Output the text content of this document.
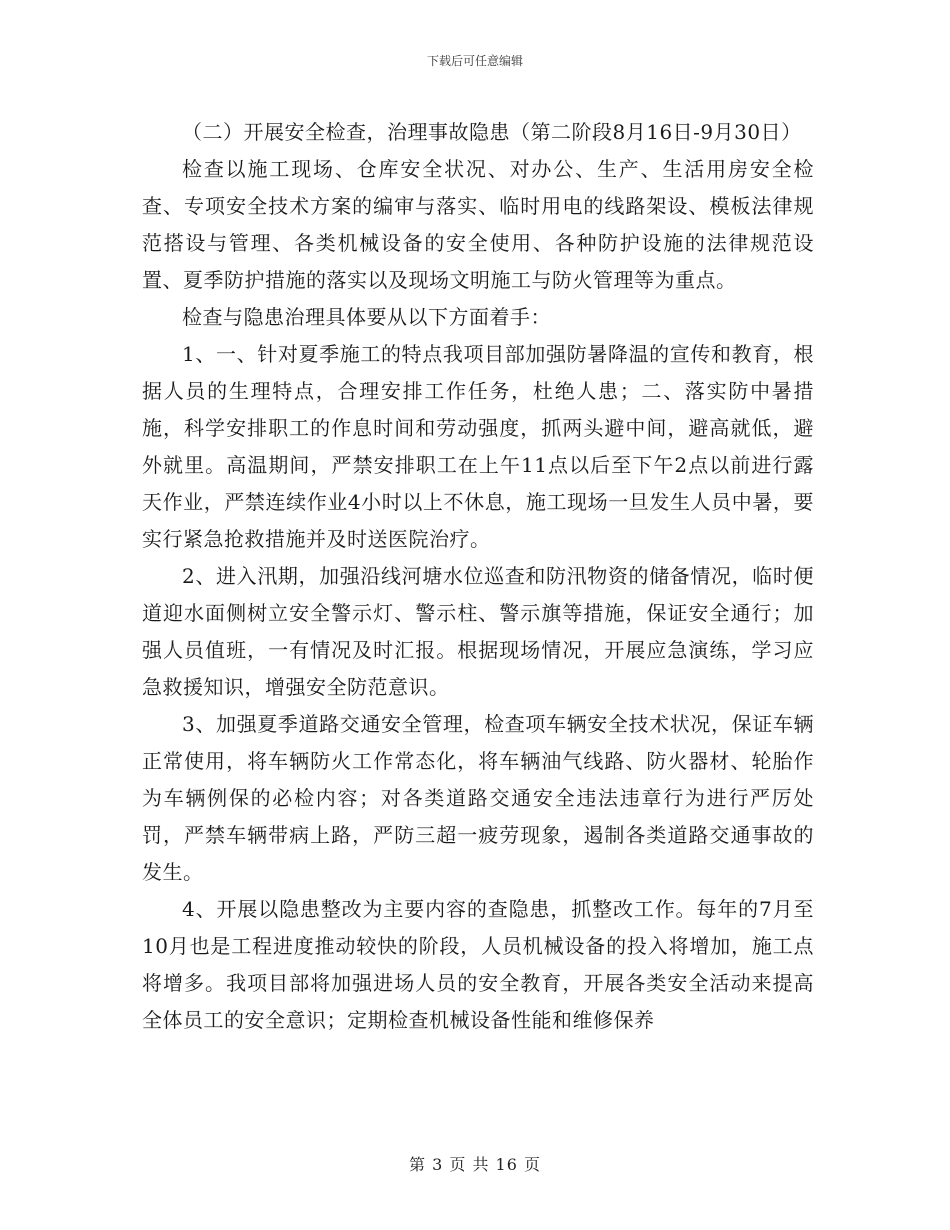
下载后可任意编辑

（二）开展安全检查，治理事故隐患（第二阶段8月16日-9月30日）

检查以施工现场、仓库安全状况、对办公、生产、生活用房安全检查、专项安全技术方案的编审与落实、临时用电的线路架设、模板法律规范搭设与管理、各类机械设备的安全使用、各种防护设施的法律规范设置、夏季防护措施的落实以及现场文明施工与防火管理等为重点。

检查与隐患治理具体要从以下方面着手：

1、一、针对夏季施工的特点我项目部加强防暑降温的宣传和教育，根据人员的生理特点，合理安排工作任务，杜绝人患；二、落实防中暑措施，科学安排职工的作息时间和劳动强度，抓两头避中间，避高就低，避外就里。高温期间，严禁安排职工在上午11点以后至下午2点以前进行露天作业，严禁连续作业4小时以上不休息，施工现场一旦发生人员中暑，要实行紧急抢救措施并及时送医院治疗。

2、进入汛期，加强沿线河塘水位巡查和防汛物资的储备情况，临时便道迎水面侧树立安全警示灯、警示柱、警示旗等措施，保证安全通行；加强人员值班，一有情况及时汇报。根据现场情况，开展应急演练，学习应急救援知识，增强安全防范意识。

3、加强夏季道路交通安全管理，检查项车辆安全技术状况，保证车辆正常使用，将车辆防火工作常态化，将车辆油气线路、防火器材、轮胎作为车辆例保的必检内容；对各类道路交通安全违法违章行为进行严厉处罚，严禁车辆带病上路，严防三超一疲劳现象，遏制各类道路交通事故的发生。

4、开展以隐患整改为主要内容的查隐患，抓整改工作。每年的7月至10月也是工程进度推动较快的阶段，人员机械设备的投入将增加，施工点将增多。我项目部将加强进场人员的安全教育，开展各类安全活动来提高全体员工的安全意识；定期检查机械设备性能和维修保养

第 3 页 共 16 页
